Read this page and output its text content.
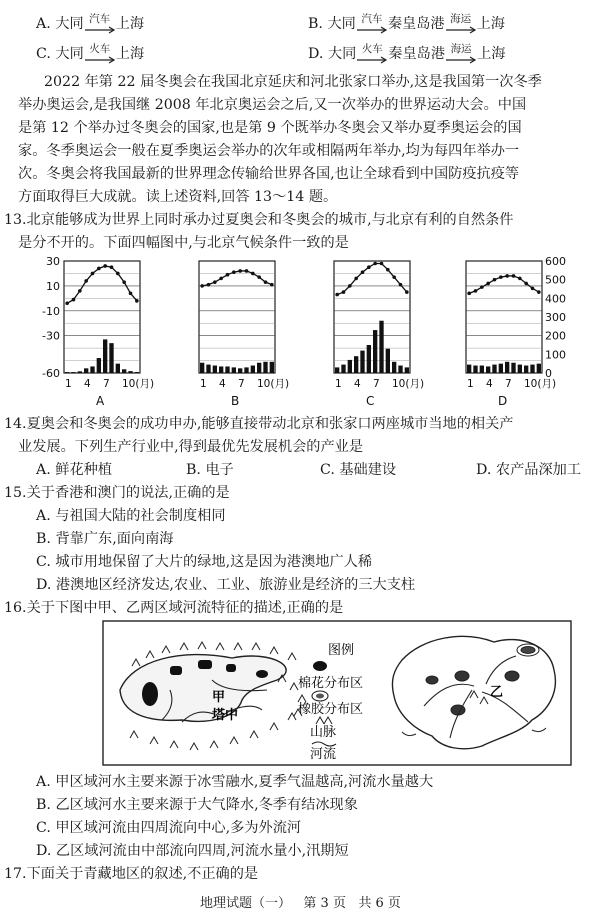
A.
大同 汽车 上海	B.
大同 汽车 秦皇岛港 海运 上海
C.
大同 火车 上海	D.
大同 火车 秦皇岛港 海运 上海
2022 年第 22 届冬奥会在我国北京延庆和河北张家口举办,这是我国第一次冬季
举办奥运会,是我国继 2008 年北京奥运会之后,又一次举办的世界运动大会。中国
是第 12 个举办过冬奥会的国家,也是第 9 个既举办冬奥会又举办夏季奥运会的国
家。冬季奥运会一般在夏季奥运会举办的次年或相隔两年举办,均为每四年举办一
次。冬奥会将我国最新的世界理念传输给世界各国,也让全球看到中国防疫抗疫等
方面取得巨大成就。读上述资料,回答 13～14 题。
13.北京能够成为世界上同时承办过夏奥会和冬奥会的城市,与北京有利的自然条件
是分不开的。下面四幅图中,与北京气候条件一致的是
1 4 7 10(月)
A
30
10
-10
-30
-60
1 4 7 10(月)
B
1 4 7 10(月)
C
1 4 7 10(月)
D
600
500
400
300
200
100
0
14.夏奥会和冬奥会的成功申办,能够直接带动北京和张家口两座城市当地的相关产
业发展。下列生产行业中,得到最优先发展机会的产业是
A. 鲜花种植	B. 电子	C. 基础建设	D. 农产品深加工
15.关于香港和澳门的说法,正确的是
A. 与祖国大陆的社会制度相同
B. 背靠广东,面向南海
C. 城市用地保留了大片的绿地,这是因为港澳地广人稀
D. 港澳地区经济发达,农业、工业、旅游业是经济的三大支柱
16.关于下图中甲、乙两区域河流特征的描述,正确的是
甲
塔中
图例
棉花分布区
橡胶分布区
山脉
河流
乙
A. 甲区域河水主要来源于冰雪融水,夏季气温越高,河流水量越大
B. 乙区域河水主要来源于大气降水,冬季有结冰现象
C. 甲区域河流由四周流向中心,多为外流河
D. 乙区域河流由中部流向四周,河流水量小,汛期短
17.下面关于青藏地区的叙述,不正确的是
地理试题（一） 第 3 页 共 6 页
